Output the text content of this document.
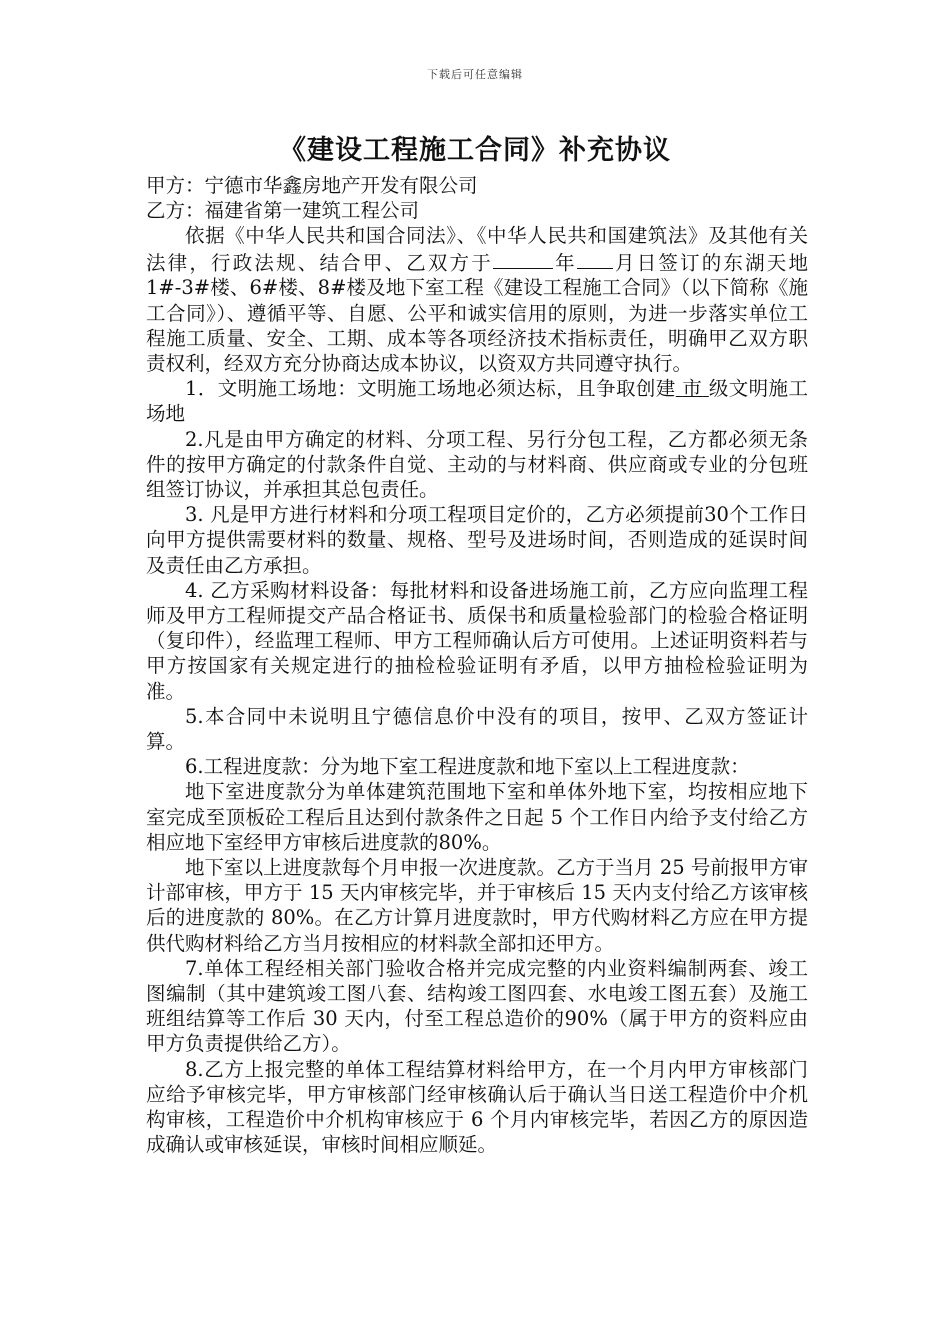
下载后可任意编辑
《建设工程施工合同》补充协议

甲方：宁德市华鑫房地产开发有限公司

乙方：福建省第一建筑工程公司

依据《中华人民共和国合同法》、《中华人民共和国建筑法》及其他有关法律，行政法规、结合甲、乙双方于	年 月日签订的东湖天地 1#-3#楼、6#楼、8#楼及地下室工程《建设工程施工合同》（以下简称《施工合同》）、遵循平等、自愿、公平和诚实信用的原则，为进一步落实单位工程施工质量、安全、工期、成本等各项经济技术指标责任，明确甲乙双方职责权利，经双方充分协商达成本协议，以资双方共同遵守执行。

1．文明施工场地：文明施工场地必须达标，且争取创建 市 级文明施工场地

2.凡是由甲方确定的材料、分项工程、另行分包工程，乙方都必须无条件的按甲方确定的付款条件自觉、主动的与材料商、供应商或专业的分包班组签订协议，并承担其总包责任。

3. 凡是甲方进行材料和分项工程项目定价的，乙方必须提前30个工作日向甲方提供需要材料的数量、规格、型号及进场时间，否则造成的延误时间及责任由乙方承担。

4. 乙方采购材料设备：每批材料和设备进场施工前，乙方应向监理工程师及甲方工程师提交产品合格证书、质保书和质量检验部门的检验合格证明（复印件），经监理工程师、甲方工程师确认后方可使用。上述证明资料若与甲方按国家有关规定进行的抽检检验证明有矛盾，以甲方抽检检验证明为准。

5.本合同中未说明且宁德信息价中没有的项目，按甲、乙双方签证计算。

6.工程进度款：分为地下室工程进度款和地下室以上工程进度款：

地下室进度款分为单体建筑范围地下室和单体外地下室，均按相应地下室完成至顶板砼工程后且达到付款条件之日起 5 个工作日内给予支付给乙方相应地下室经甲方审核后进度款的80%。

地下室以上进度款每个月申报一次进度款。乙方于当月 25 号前报甲方审计部审核，甲方于 15 天内审核完毕，并于审核后 15 天内支付给乙方该审核后的进度款的 80%。在乙方计算月进度款时，甲方代购材料乙方应在甲方提供代购材料给乙方当月按相应的材料款全部扣还甲方。

7.单体工程经相关部门验收合格并完成完整的内业资料编制两套、竣工图编制（其中建筑竣工图八套、结构竣工图四套、水电竣工图五套）及施工班组结算等工作后 30 天内，付至工程总造价的90%（属于甲方的资料应由甲方负责提供给乙方）。

8.乙方上报完整的单体工程结算材料给甲方，在一个月内甲方审核部门应给予审核完毕，甲方审核部门经审核确认后于确认当日送工程造价中介机构审核，工程造价中介机构审核应于 6 个月内审核完毕，若因乙方的原因造成确认或审核延误，审核时间相应顺延。
